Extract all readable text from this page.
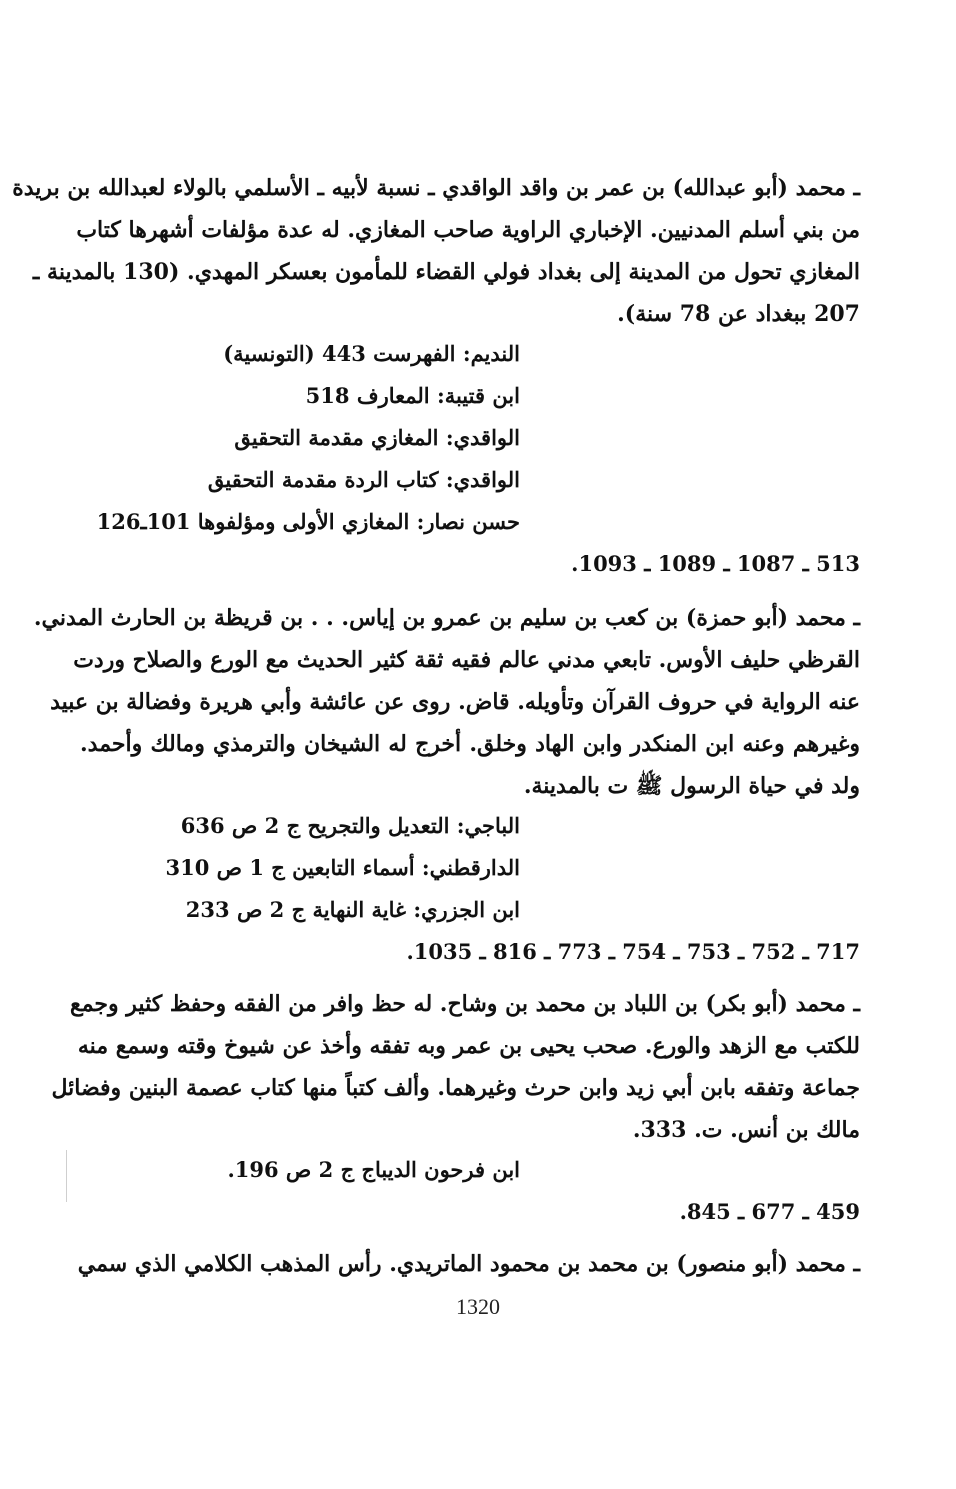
ـ محمد (أبو عبدالله) بن عمر بن واقد الواقدي ـ نسبة لأبيه ـ الأسلمي بالولاء لعبدالله بن بريدة
من بني أسلم المدنيين. الإخباري الراوية صاحب المغازي. له عدة مؤلفات أشهرها كتاب
المغازي تحول من المدينة إلى بغداد فولي القضاء للمأمون بعسكر المهدي. (130 بالمدينة ـ
207 ببغداد عن 78 سنة).
النديم: الفهرست 443 (التونسية)
ابن قتيبة: المعارف 518
الواقدي: المغازي مقدمة التحقيق
الواقدي: كتاب الردة مقدمة التحقيق
حسن نصار: المغازي الأولى ومؤلفوها 101ـ126
513 ـ 1087 ـ 1089 ـ 1093.
ـ محمد (أبو حمزة) بن كعب بن سليم بن عمرو بن إياس. . . بن قريظة بن الحارث المدني.
القرظي حليف الأوس. تابعي مدني عالم فقيه ثقة كثير الحديث مع الورع والصلاح وردت
عنه الرواية في حروف القرآن وتأويله. قاض. روى عن عائشة وأبي هريرة وفضالة بن عبيد
وغيرهم وعنه ابن المنكدر وابن الهاد وخلق. أخرج له الشيخان والترمذي ومالك وأحمد.
ولد في حياة الرسول ﷺ ت بالمدينة.
الباجي: التعديل والتجريح ج 2 ص 636
الدارقطني: أسماء التابعين ج 1 ص 310
ابن الجزري: غاية النهاية ج 2 ص 233
717 ـ 752 ـ 753 ـ 754 ـ 773 ـ 816 ـ 1035.
ـ محمد (أبو بكر) بن اللباد بن محمد بن وشاح. له حظ وافر من الفقه وحفظ كثير وجمع
للكتب مع الزهد والورع. صحب يحيى بن عمر وبه تفقه وأخذ عن شيوخ وقته وسمع منه
جماعة وتفقه بابن أبي زيد وابن حرث وغيرهما. وألف كتباً منها كتاب عصمة البنين وفضائل
مالك بن أنس. ت. 333.
ابن فرحون الديباج ج 2 ص 196.
459 ـ 677 ـ 845.
ـ محمد (أبو منصور) بن محمد بن محمود الماتريدي. رأس المذهب الكلامي الذي سمي
1320
